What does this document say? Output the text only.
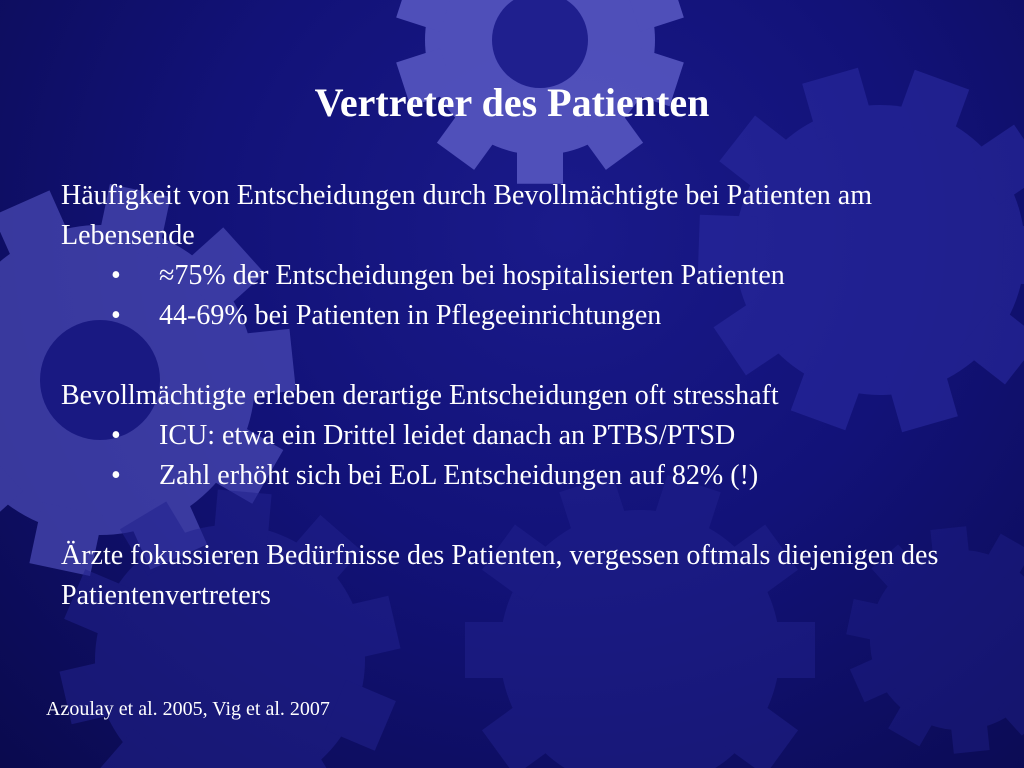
Vertreter des Patienten

Häufigkeit von Entscheidungen durch Bevollmächtigte bei Patienten am Lebensende

• ≈75% der Entscheidungen bei hospitalisierten Patienten
• 44-69% bei Patienten in Pflegeeinrichtungen

Bevollmächtigte erleben derartige Entscheidungen oft stresshaft

• ICU: etwa ein Drittel leidet danach an PTBS/PTSD
• Zahl erhöht sich bei EoL Entscheidungen auf 82% (!)

Ärzte fokussieren Bedürfnisse des Patienten, vergessen oftmals diejenigen des Patientenvertreters

Azoulay et al. 2005, Vig et al. 2007
